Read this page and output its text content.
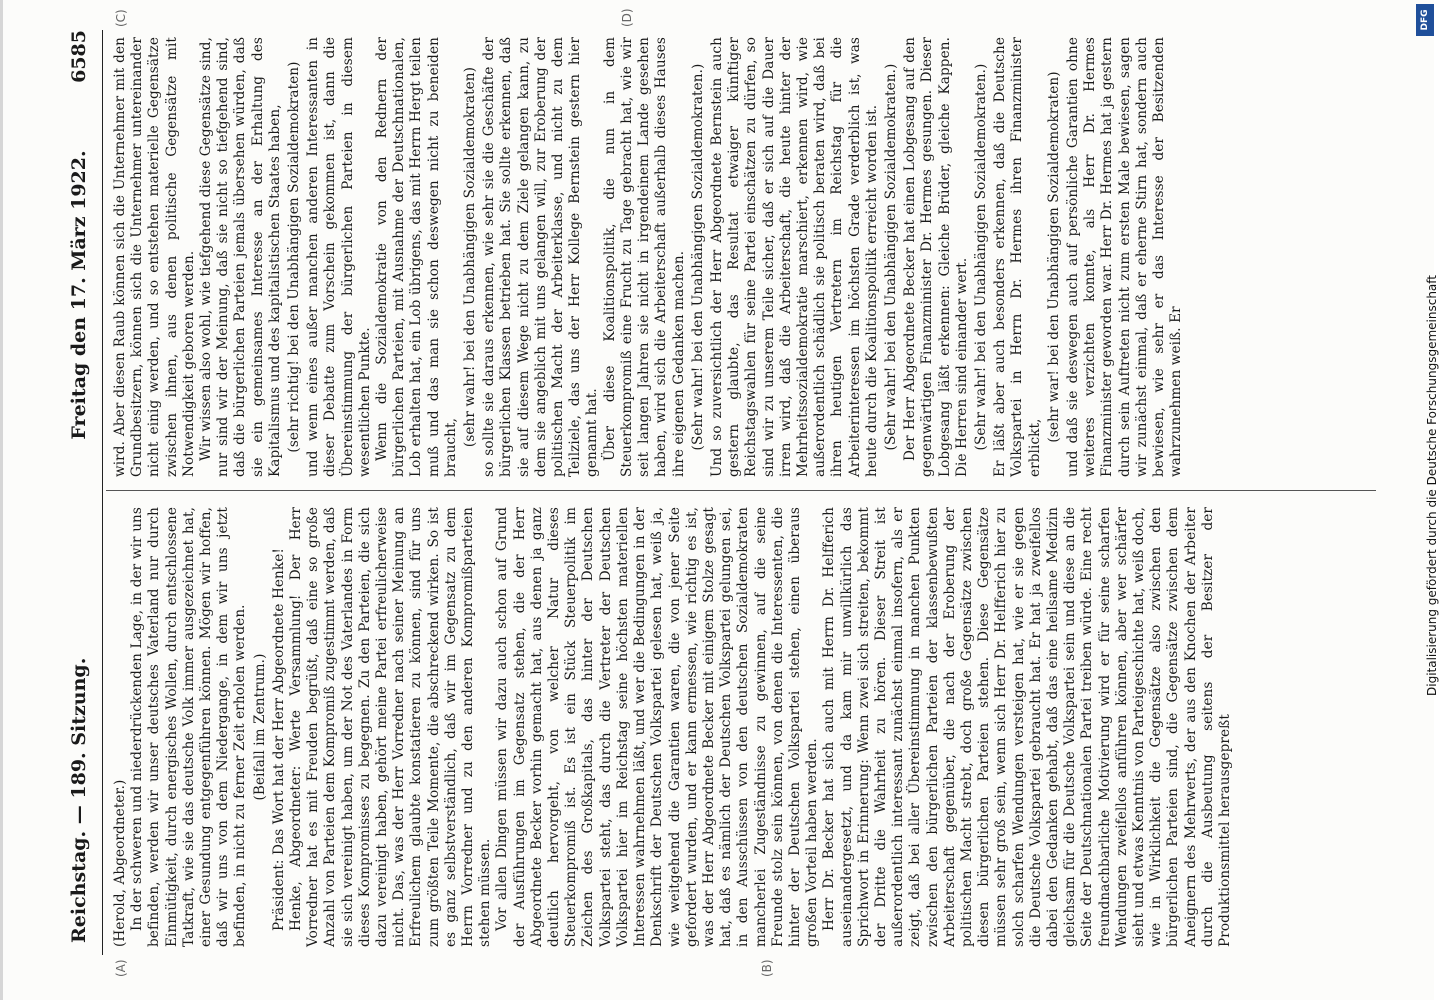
Reichstag. — 189. Sitzung.
Freitag den 17. März 1922.
6585
(A)	(B)
(C)	(D)

(Herold, Abgeordneter.) In der schweren und niederdrückenden Lage, in der wir uns befinden, werden wir unser deutsches Vaterland nur durch Einmütigkeit, durch energisches Wollen, durch entschlossene Tatkraft, wie sie das deutsche Volk immer ausgezeichnet hat, einer Gesundung entgegenführen können. Mögen wir hoffen, daß wir uns von dem Niedergange, in dem wir uns jetzt befinden, in nicht zu ferner Zeit erholen werden. (Beifall im Zentrum.) Präsident: Das Wort hat der Herr Abgeordnete Henke! Henke, Abgeordneter: Werte Versammlung! Der Herr Vorredner hat es mit Freuden begrüßt, daß eine so große Anzahl von Parteien dem Kompromiß zugestimmt werden, daß sie sich vereinigt haben, um der Not des Vaterlandes in Form dieses Kompromisses zu begegnen. Zu den Parteien, die sich dazu vereinigt haben, gehört meine Partei erfreulicherweise nicht. Das, was der Herr Vorredner nach seiner Meinung an Erfreulichem glaubte konstatieren zu können, sind für uns zum größten Teile Momente, die abschreckend wirken. So ist es ganz selbstverständlich, daß wir im Gegensatz zu dem Herrn Vorredner und zu den anderen Kompromißparteien stehen müssen. Vor allen Dingen müssen wir dazu auch schon auf Grund der Ausführungen im Gegensatz stehen, die der Herr Abgeordnete Becker vorhin gemacht hat, aus denen ja ganz deutlich hervorgeht, von welcher Natur dieses Steuerkompromiß ist. Es ist ein Stück Steuerpolitik im Zeichen des Großkapitals, das hinter der Deutschen Volkspartei steht, das durch die Vertreter der Deutschen Volkspartei hier im Reichstag seine höchsten materiellen Interessen wahrnehmen läßt, und wer die Bedingungen in der Denkschrift der Deutschen Volkspartei gelesen hat, weiß ja, wie weitgehend die Garantien waren, die von jener Seite gefordert wurden, und er kann ermessen, wie richtig es ist, was der Herr Abgeordnete Becker mit einigem Stolze gesagt hat, daß es nämlich der Deutschen Volkspartei gelungen sei, in den Ausschüssen von den deutschen Sozialdemokraten mancherlei Zugeständnisse zu gewinnen, auf die seine Freunde stolz sein können, von denen die Interessenten, die hinter der Deutschen Volkspartei stehen, einen überaus großen Vorteil haben werden. Herr Dr. Becker hat sich auch mit Herrn Dr. Helfferich auseinandergesetzt, und da kam mir unwillkürlich das Sprichwort in Erinnerung: Wenn zwei sich streiten, bekommt der Dritte die Wahrheit zu hören. Dieser Streit ist außerordentlich interessant zunächst einmal insofern, als er zeigt, daß bei aller Übereinstimmung in manchen Punkten zwischen den bürgerlichen Parteien der klassenbewußten Arbeiterschaft gegenüber, die nach der Eroberung der politischen Macht strebt, doch große Gegensätze zwischen diesen bürgerlichen Parteien stehen. Diese Gegensätze müssen sehr groß sein, wenn sich Herr Dr. Helfferich hier zu solch scharfen Wendungen versteigen hat, wie er sie gegen die Deutsche Volkspartei gebraucht hat. Er hat ja zweifellos dabei den Gedanken gehabt, daß das eine heilsame Medizin gleichsam für die Deutsche Volkspartei sein und diese an die Seite der Deutschnationalen Partei treiben würde. Eine recht freundnachbarliche Motivierung wird er für seine scharfen Wendungen zweifellos anführen können, aber wer schärfer sieht und etwas Kenntnis von Parteigeschichte hat, weiß doch, wie in Wirklichkeit die Gegensätze also zwischen den bürgerlichen Parteien sind, die Gegensätze zwischen dem Aneignern des Mehrwerts, der aus den Knochen der Arbeiter durch die Ausbeutung seitens der Besitzer der Produktionsmittel herausgepreßt

wird. Aber diesen Raub können sich die Unternehmer mit den Grundbesitzern, können sich die Unternehmer untereinander nicht einig werden, und so entstehen materielle Gegensätze zwischen ihnen, aus denen politische Gegensätze mit Notwendigkeit geboren werden. Wir wissen also wohl, wie tiefgehend diese Gegensätze sind, nur sind wir der Meinung, daß sie nicht so tiefgehend sind, daß die bürgerlichen Parteien jemals übersehen würden, daß sie ein gemeinsames Interesse an der Erhaltung des Kapitalismus und des kapitalistischen Staates haben, (sehr richtig! bei den Unabhängigen Sozialdemokraten) und wenn eines außer manchen anderen Interessanten in dieser Debatte zum Vorschein gekommen ist, dann die Übereinstimmung der bürgerlichen Parteien in diesem wesentlichen Punkte. Wenn die Sozialdemokratie von den Rednern der bürgerlichen Parteien, mit Ausnahme der Deutschnationalen, Lob erhalten hat, ein Lob übrigens, das mit Herrn Hergt teilen muß und das man sie schon deswegen nicht zu beneiden braucht,

(sehr wahr! bei den Unabhängigen Sozialdemokraten) so sollte sie daraus erkennen, wie sehr sie die Geschäfte der bürgerlichen Klassen betrieben hat. Sie sollte erkennen, daß sie auf diesem Wege nicht zu dem Ziele gelangen kann, zu dem sie angeblich mit uns gelangen will, zur Eroberung der politischen Macht der Arbeiterklasse, und nicht zu dem Teilziele, das uns der Herr Kollege Bernstein gestern hier genannt hat. Über diese Koalitionspolitik, die nun in dem Steuerkompromiß eine Frucht zu Tage gebracht hat, wie wir seit langen Jahren sie nicht in irgendeinem Lande gesehen haben, wird sich die Arbeiterschaft außerhalb dieses Hauses ihre eigenen Gedanken machen. (Sehr wahr! bei den Unabhängigen Sozialdemokraten.) Und so zuversichtlich der Herr Abgeordnete Bernstein auch gestern glaubte, das Resultat etwaiger künftiger Reichstagswahlen für seine Partei einschätzen zu dürfen, so sind wir zu unserem Teile sicher, daß er sich auf die Dauer irren wird, daß die Arbeiterschaft, die heute hinter der Mehrheitssozialdemokratie marschiert, erkennen wird, wie außerordentlich schädlich sie politisch beraten wird, daß bei ihren heutigen Vertretern im Reichstag für die Arbeiterinteressen im höchsten Grade verderblich ist, was heute durch die Koalitionspolitik erreicht worden ist. (Sehr wahr! bei den Unabhängigen Sozialdemokraten.) Der Herr Abgeordnete Becker hat einen Lobgesang auf den gegenwärtigen Finanzminister Dr. Hermes gesungen. Dieser Lobgesang läßt erkennen: Gleiche Brüder, gleiche Kappen. Die Herren sind einander wert. (Sehr wahr! bei den Unabhängigen Sozialdemokraten.) Er läßt aber auch besonders erkennen, daß die Deutsche Volkspartei in Herrn Dr. Hermes ihren Finanzminister erblickt,

(sehr war! bei den Unabhängigen Sozialdemokraten) und daß sie deswegen auch auf persönliche Garantien ohne weiteres verzichten konnte, als Herr Dr. Hermes Finanzminister geworden war. Herr Dr. Hermes hat ja gestern durch sein Auftreten nicht zum ersten Male bewiesen, sagen wir zunächst einmal, daß er eherne Stirn hat, sondern auch bewiesen, wie sehr er das Interesse der Besitzenden wahrzunehmen weiß. Er

DFG
Digitalisierung gefördert durch die Deutsche Forschungsgemeinschaft
